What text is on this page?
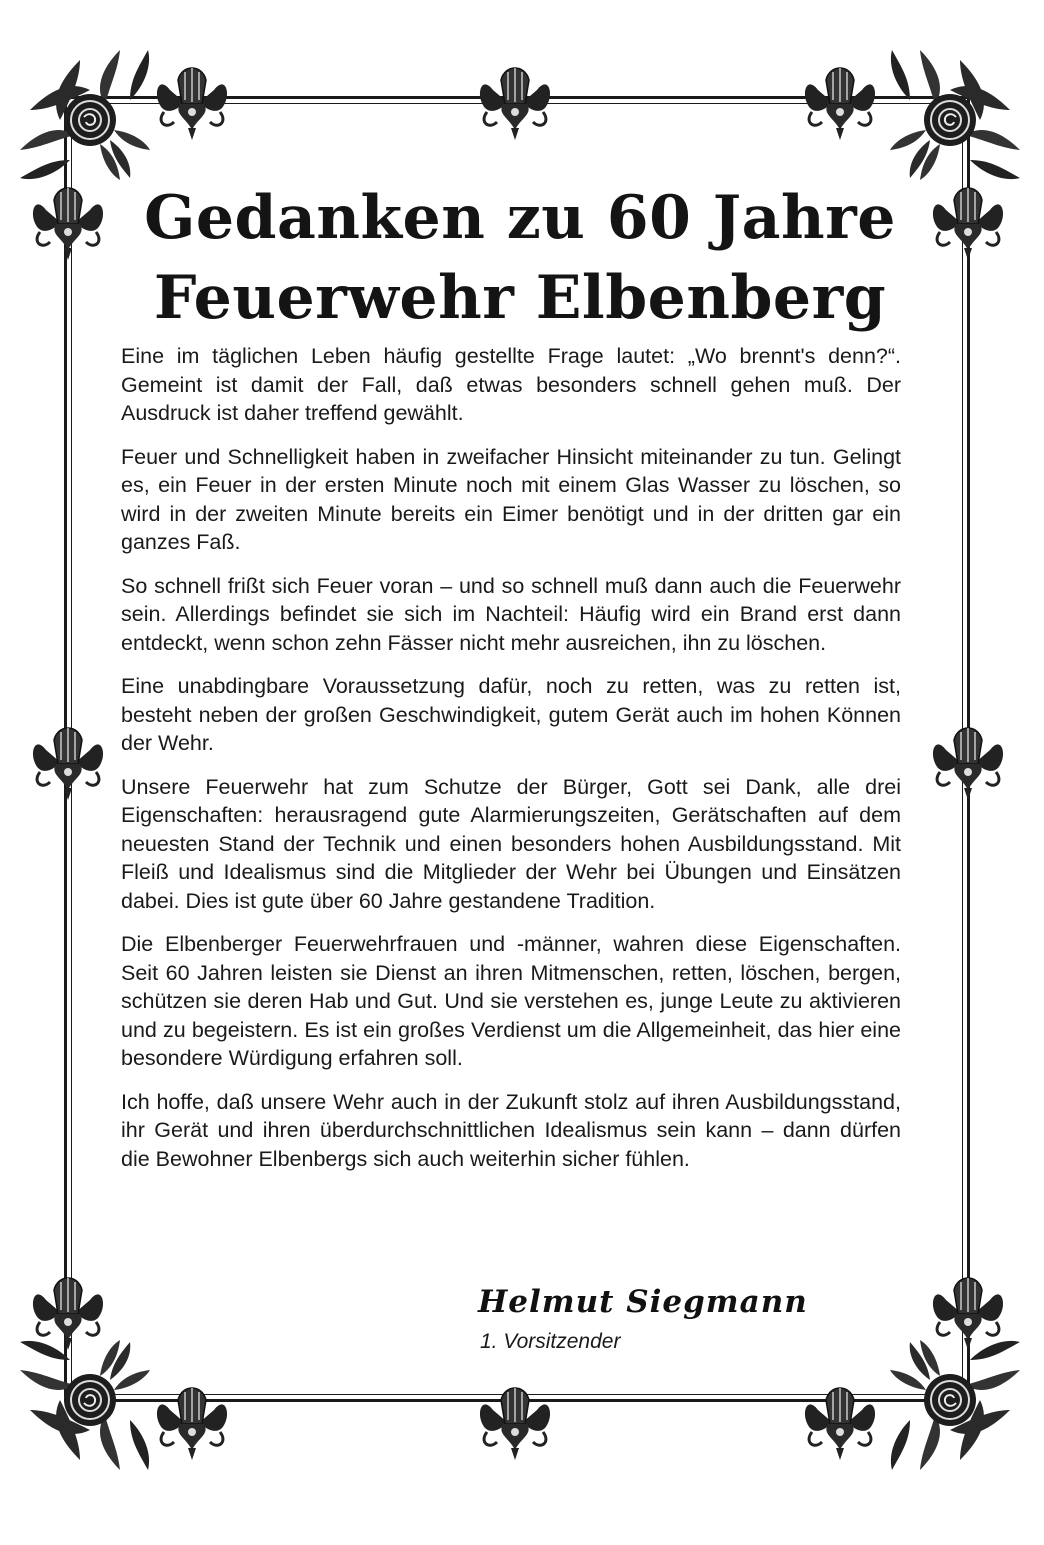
Gedanken zu 60 Jahre
Feuerwehr Elbenberg

Eine im täglichen Leben häufig gestellte Frage lautet: „Wo brennt's denn?“. Gemeint ist damit der Fall, daß etwas besonders schnell gehen muß. Der Ausdruck ist daher treffend gewählt.

Feuer und Schnelligkeit haben in zweifacher Hinsicht miteinander zu tun. Gelingt es, ein Feuer in der ersten Minute noch mit einem Glas Wasser zu löschen, so wird in der zweiten Minute bereits ein Eimer benötigt und in der dritten gar ein ganzes Faß.

So schnell frißt sich Feuer voran – und so schnell muß dann auch die Feuerwehr sein. Allerdings befindet sie sich im Nachteil: Häufig wird ein Brand erst dann entdeckt, wenn schon zehn Fässer nicht mehr ausreichen, ihn zu löschen.

Eine unabdingbare Voraussetzung dafür, noch zu retten, was zu retten ist, besteht neben der großen Geschwindigkeit, gutem Gerät auch im hohen Können der Wehr.

Unsere Feuerwehr hat zum Schutze der Bürger, Gott sei Dank, alle drei Eigenschaften: herausragend gute Alarmierungszeiten, Gerätschaften auf dem neuesten Stand der Technik und einen besonders hohen Ausbildungsstand. Mit Fleiß und Idealismus sind die Mitglieder der Wehr bei Übungen und Einsätzen dabei. Dies ist gute über 60 Jahre gestandene Tradition.

Die Elbenberger Feuerwehrfrauen und -männer, wahren diese Eigenschaften. Seit 60 Jahren leisten sie Dienst an ihren Mitmenschen, retten, löschen, bergen, schützen sie deren Hab und Gut. Und sie verstehen es, junge Leute zu aktivieren und zu begeistern. Es ist ein großes Verdienst um die Allgemeinheit, das hier eine besondere Würdigung erfahren soll.

Ich hoffe, daß unsere Wehr auch in der Zukunft stolz auf ihren Ausbildungsstand, ihr Gerät und ihren überdurchschnittlichen Idealismus sein kann – dann dürfen die Bewohner Elbenbergs sich auch weiterhin sicher fühlen.

Helmut Siegmann
1. Vorsitzender
